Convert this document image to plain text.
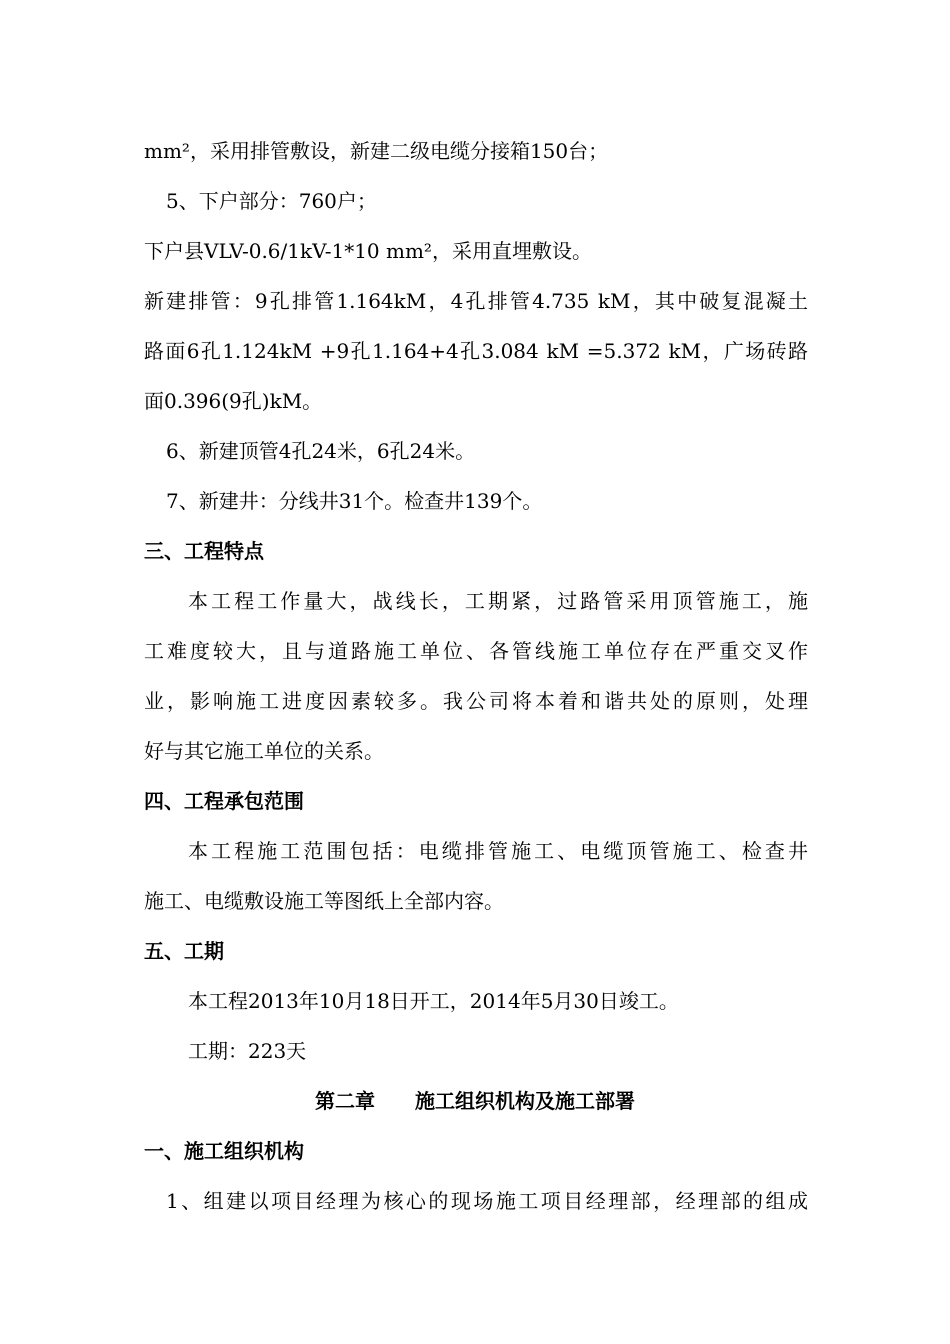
mm²，采用排管敷设，新建二级电缆分接箱150台；
5、下户部分：760户；
下户县VLV-0.6/1kV-1*10 mm²，采用直埋敷设。
新建排管：9孔排管1.164kM，4孔排管4.735 kM，其中破复混凝土
路面6孔1.124kM +9孔1.164+4孔3.084 kM =5.372 kM，广场砖路
面0.396(9孔)kM。
6、新建顶管4孔24米，6孔24米。
7、新建井：分线井31个。检查井139个。
三、工程特点
本工程工作量大，战线长，工期紧，过路管采用顶管施工，施
工难度较大，且与道路施工单位、各管线施工单位存在严重交叉作
业，影响施工进度因素较多。我公司将本着和谐共处的原则，处理
好与其它施工单位的关系。
四、工程承包范围
本工程施工范围包括：电缆排管施工、电缆顶管施工、检查井
施工、电缆敷设施工等图纸上全部内容。
五、工期
本工程2013年10月18日开工，2014年5月30日竣工。
工期：223天
第二章 施工组织机构及施工部署
一、施工组织机构
1、组建以项目经理为核心的现场施工项目经理部，经理部的组成
